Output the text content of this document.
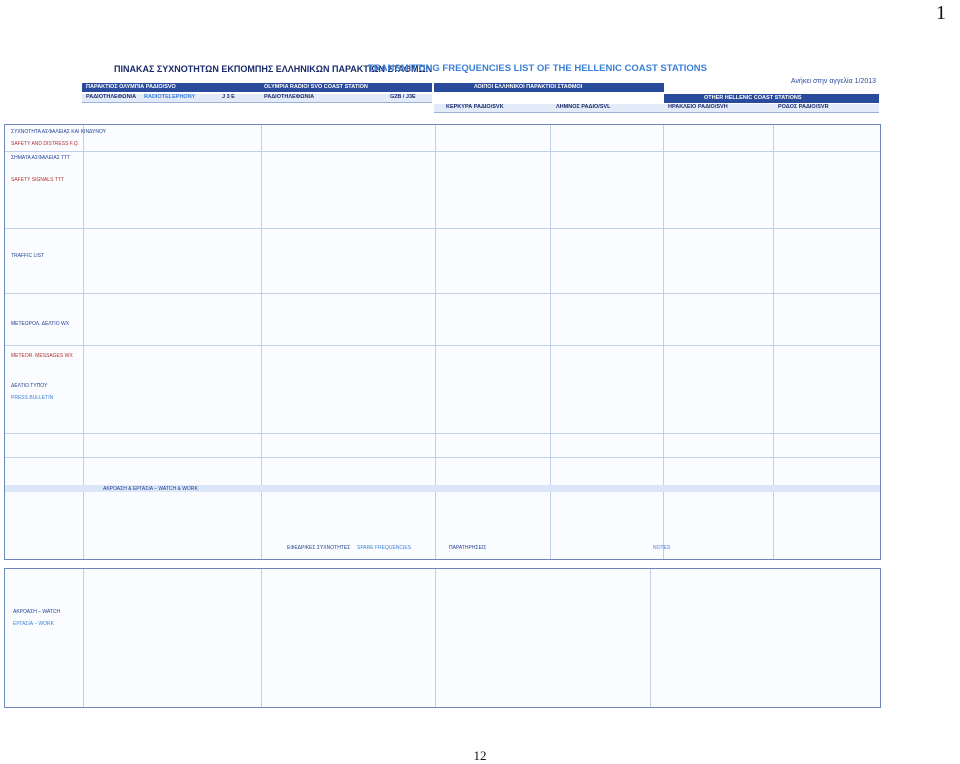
1
ΠΙΝΑΚΑΣ ΣΥΧΝΟΤΗΤΩΝ ΕΚΠΟΜΠΗΣ ΕΛΛΗΝΙΚΩΝ ΠΑΡΑΚΤΙΩΝ ΣΤΑΘΜΩΝ
TRANSMITTING FREQUENCIES LIST OF THE HELLENIC COAST STATIONS
Ανήκει στην αγγελία 1/2013
ΠΑΡΑΚΤΙΟΣ ΟΛΥΜΠΙΑ ΡΑΔΙΟ/SVO	OLYMPIA RADIO/ SVO COAST STATION	ΛΟΙΠΟΙ ΕΛΛΗΝΙΚΟΙ ΠΑΡΑΚΤΙΟΙ ΣΤΑΘΜΟΙ
OTHER HELLENIC COAST STATIONS
ΡΑΔΙΟΤΗΛΕΦΩΝΙΑ RADIOTELEPHONY	J 3 E	ΡΑΔΙΟΤΗΛΕΦΩΝΙΑ	G2B / J3E
ΚΕΡΚΥΡΑ ΡΑΔΙΟ/SVK	ΛΗΜΝΟΣ ΡΑΔΙΟ/SVL	ΗΡΑΚΛΕΙΟ ΡΑΔΙΟ/SVH	ΡΟΔΟΣ ΡΑΔΙΟ/SVR
ΑΚΡΟΑΣΗ & ΕΡΓΑΣΙΑ – WATCH & WORK
ΣΥΧΝΟΤΗΤΑ ΑΣΦΑΛΕΙΑΣ ΚΑΙ ΚΙΝΔΥΝΟΥ
SAFETY AND DISTRESS F.Q.
ΣΗΜΑΤΑ ΑΣΦΑΛΕΙΑΣ ΤΤΤ
SAFETY SIGNALS TTT
TRAFFIC LIST
ΜΕΤΕΩΡΟΛ. ΔΕΛΤΙΟ WX
METEOR. MESSAGES WX
ΔΕΛΤΙΟ ΤΥΠΟΥ
PRESS BULLETIN
ΕΦΕΔΡΙΚΕΣ ΣΥΧΝΟΤΗΤΕΣ SPARE FREQUENCIES	ΠΑΡΑΤΗΡΗΣΕΙΣ	NOTES
ΑΚΡΟΑΣΗ – WATCH
ΕΡΓΑΣΙΑ – WORK
12
